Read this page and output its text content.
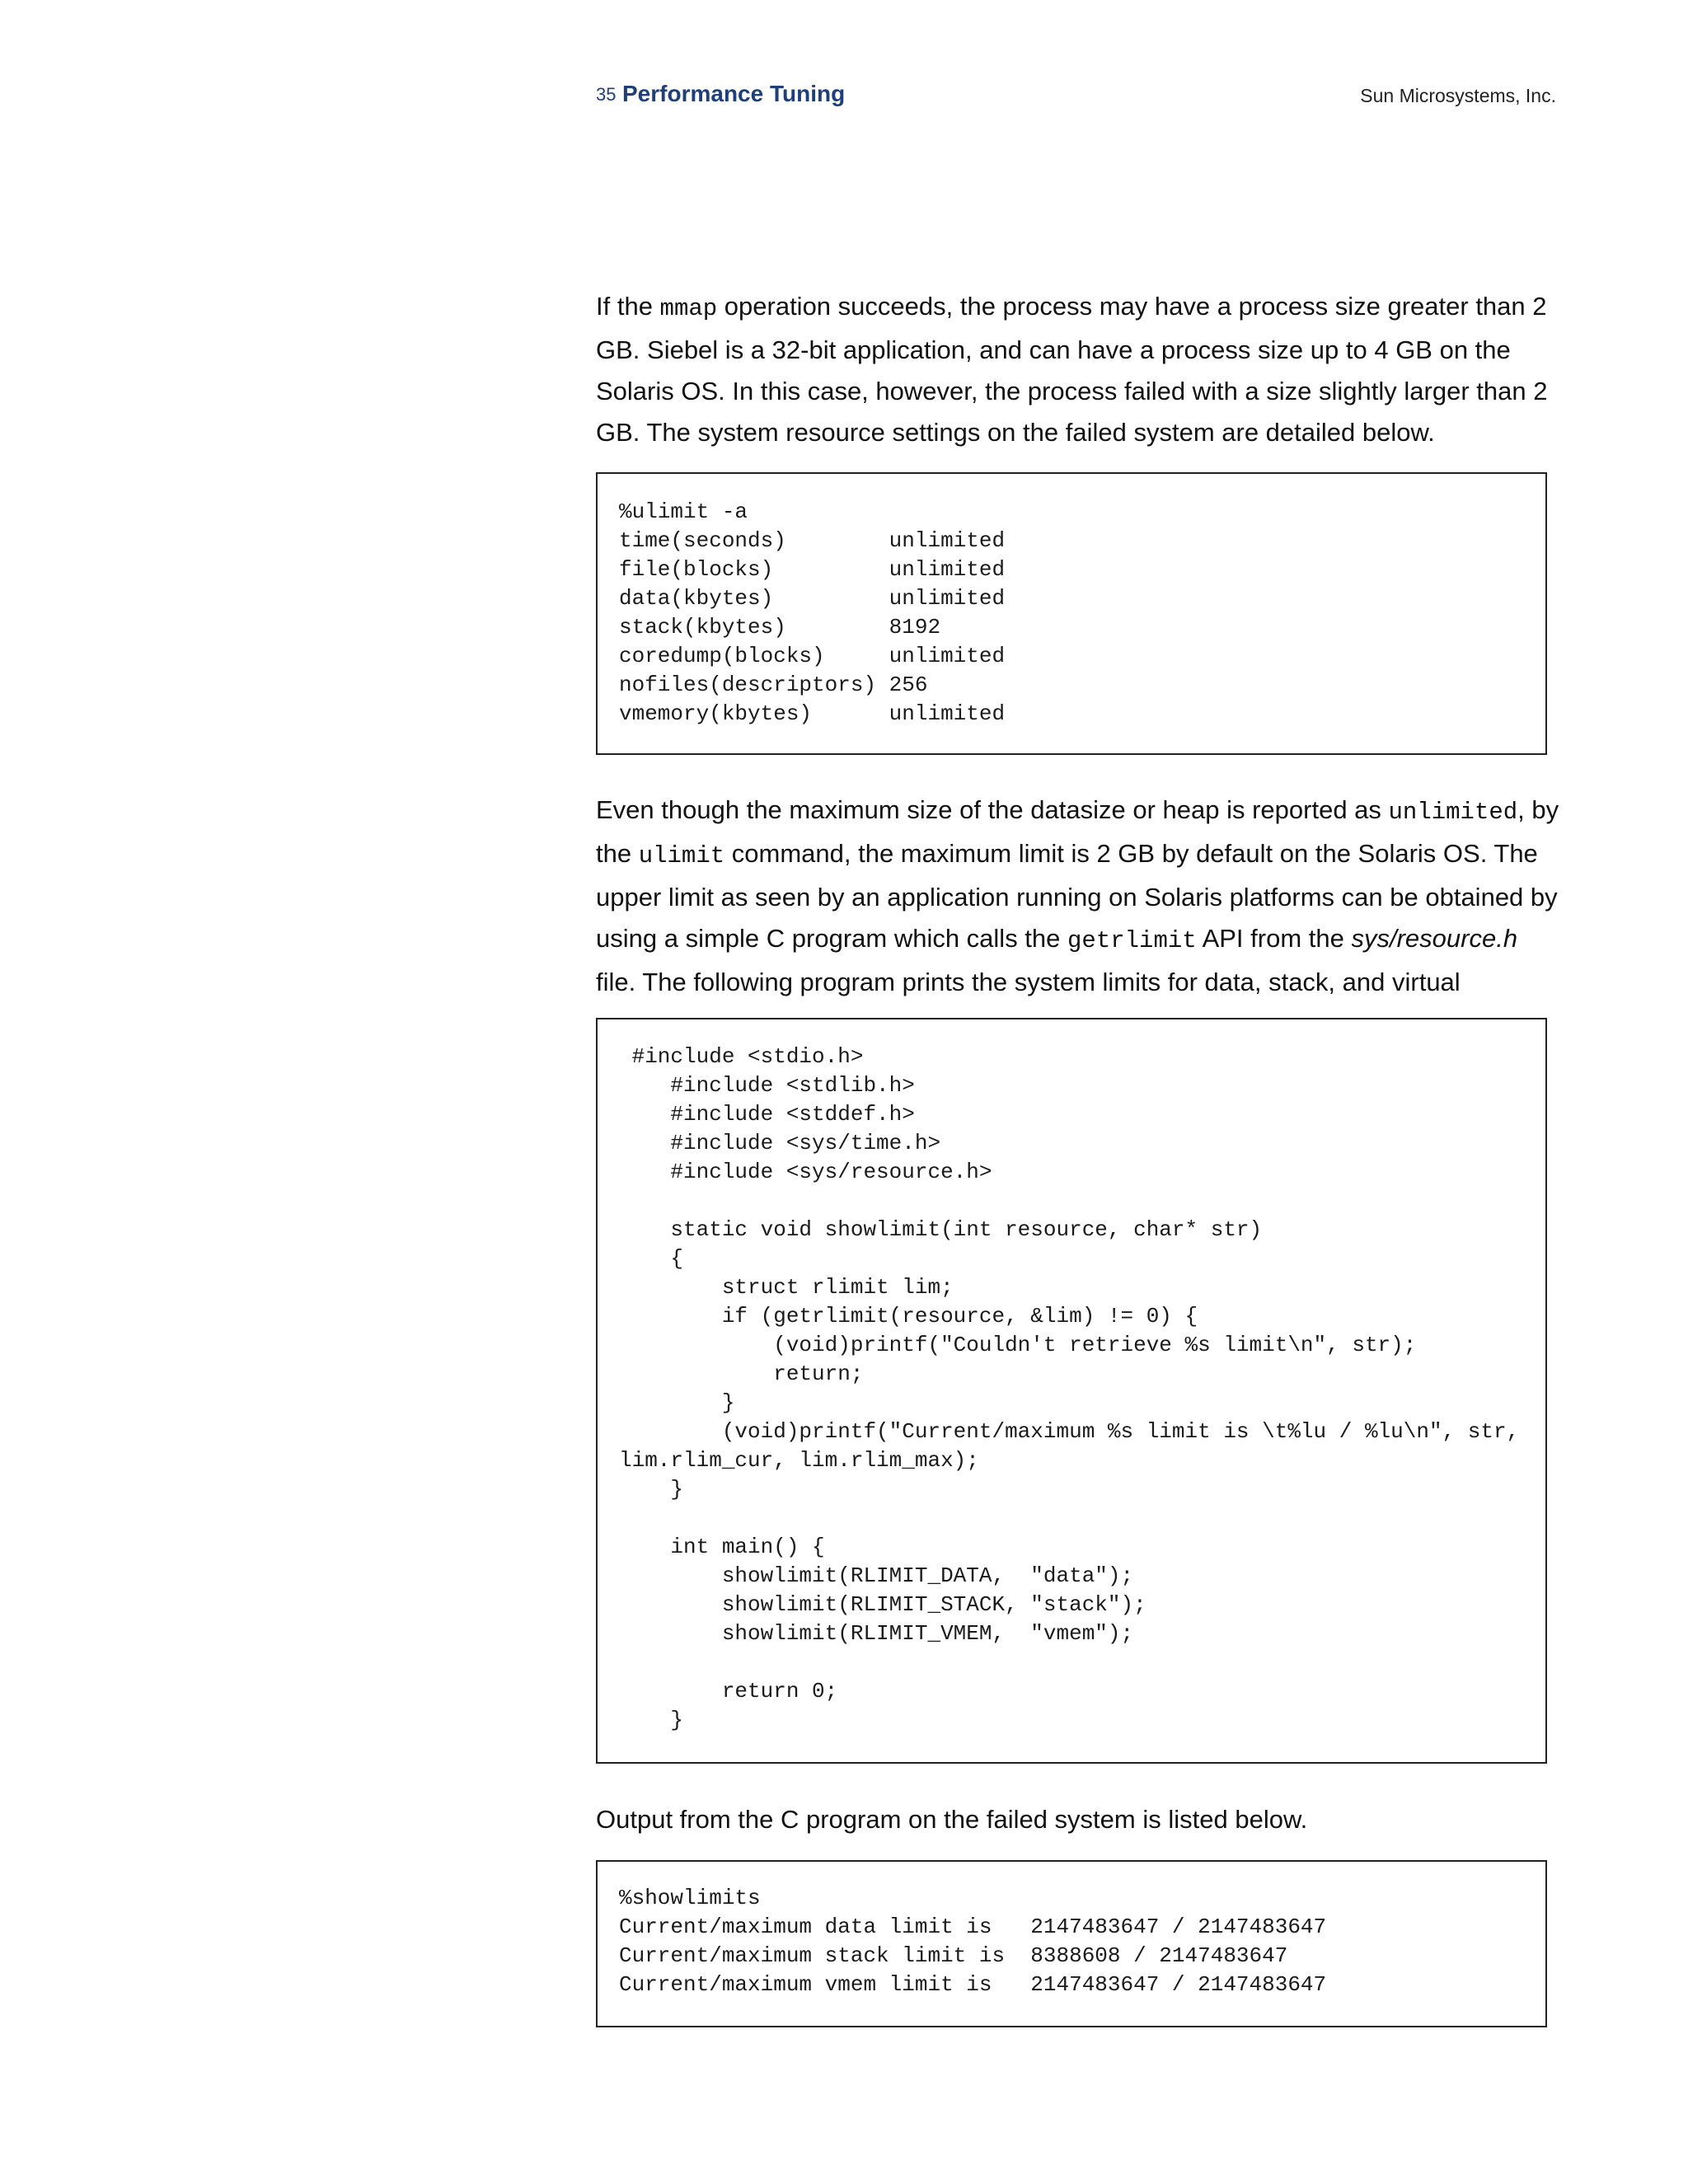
35 Performance Tuning	Sun Microsystems, Inc.

If the mmap operation succeeds, the process may have a process size greater than 2 GB. Siebel is a 32-bit application, and can have a process size up to 4 GB on the Solaris OS. In this case, however, the process failed with a size slightly larger than 2 GB. The system resource settings on the failed system are detailed below.

%ulimit -a
time(seconds)        unlimited
file(blocks)         unlimited
data(kbytes)         unlimited
stack(kbytes)        8192
coredump(blocks)     unlimited
nofiles(descriptors) 256
vmemory(kbytes)      unlimited

Even though the maximum size of the datasize or heap is reported as unlimited, by the ulimit command, the maximum limit is 2 GB by default on the Solaris OS. The upper limit as seen by an application running on Solaris platforms can be obtained by using a simple C program which calls the getrlimit API from the sys/resource.h file. The following program prints the system limits for data, stack, and virtual

#include <stdio.h>
#include <stdlib.h>
#include <stddef.h>
#include <sys/time.h>
#include <sys/resource.h>

static void showlimit(int resource, char* str)
{
struct rlimit lim;
if (getrlimit(resource, &lim) != 0) {
(void)printf("Couldn't retrieve %s limit\n", str);
return;
}
(void)printf("Current/maximum %s limit is \t%lu / %lu\n", str,
lim.rlim_cur, lim.rlim_max);
}

int main() {
showlimit(RLIMIT_DATA,  "data");
showlimit(RLIMIT_STACK, "stack");
showlimit(RLIMIT_VMEM,  "vmem");

return 0;
}

Output from the C program on the failed system is listed below.

%showlimits
Current/maximum data limit is   2147483647 / 2147483647
Current/maximum stack limit is  8388608 / 2147483647
Current/maximum vmem limit is   2147483647 / 2147483647
